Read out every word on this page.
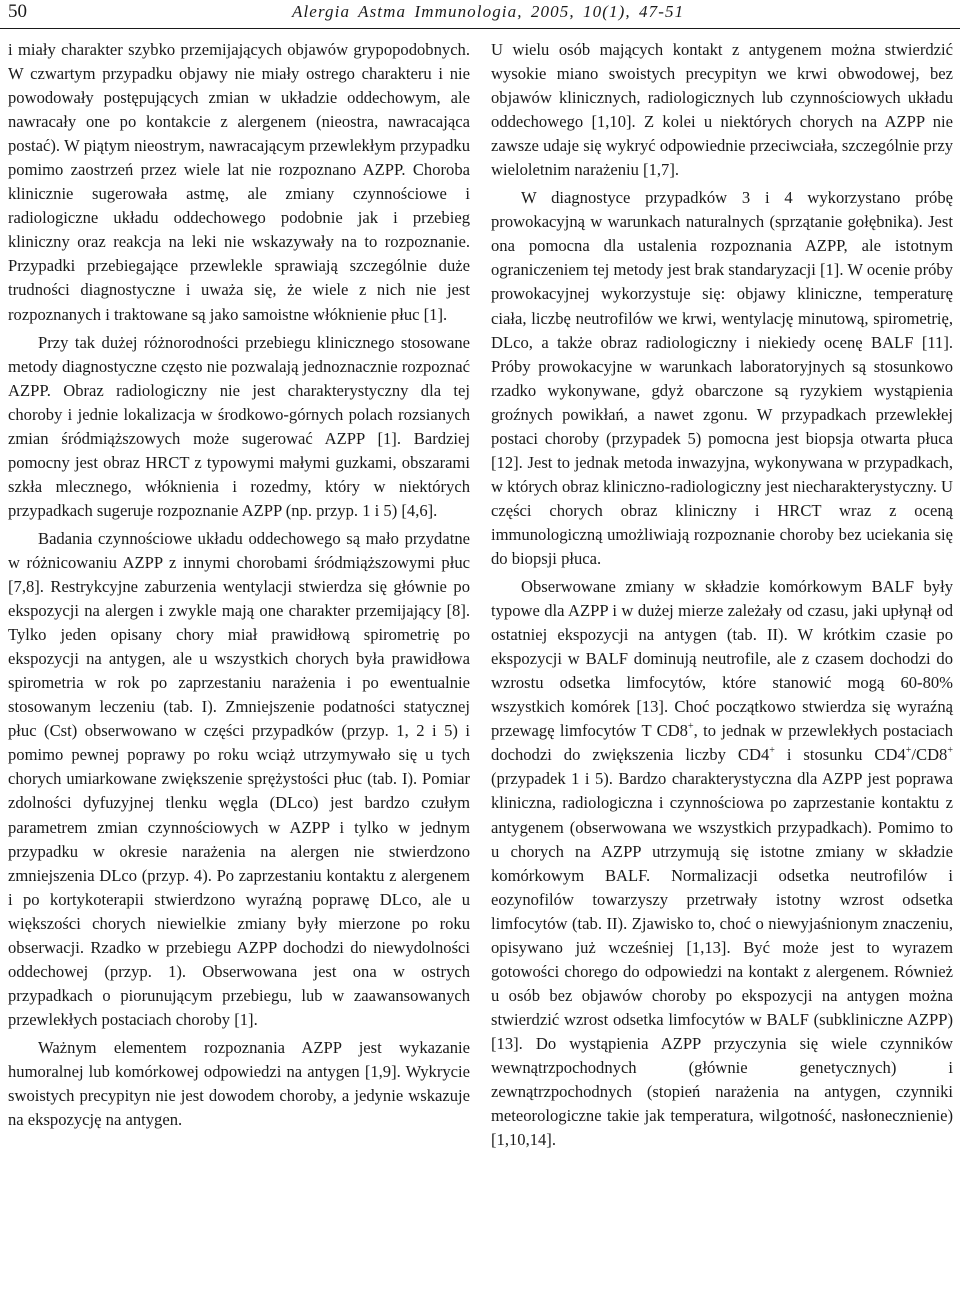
50	Alergia Astma Immunologia, 2005, 10(1), 47-51

i miały charakter szybko przemijających objawów grypopodobnych. W czwartym przypadku objawy nie miały ostrego charakteru i nie powodowały postępujących zmian w układzie oddechowym, ale nawracały one po kontakcie z alergenem (nieostra, nawracająca postać). W piątym nieostrym, nawracającym przewlekłym przypadku pomimo zaostrzeń przez wiele lat nie rozpoznano AZPP. Choroba klinicznie sugerowała astmę, ale zmiany czynnościowe i radiologiczne układu oddechowego podobnie jak i przebieg kliniczny oraz reakcja na leki nie wskazywały na to rozpoznanie. Przypadki przebiegające przewlekle sprawiają szczególnie duże trudności diagnostyczne i uważa się, że wiele z nich nie jest rozpoznanych i traktowane są jako samoistne włóknienie płuc [1].

Przy tak dużej różnorodności przebiegu klinicznego stosowane metody diagnostyczne często nie pozwalają jednoznacznie rozpoznać AZPP. Obraz radiologiczny nie jest charakterystyczny dla tej choroby i jednie lokalizacja w środkowo-górnych polach rozsianych zmian śródmiąższowych może sugerować AZPP [1]. Bardziej pomocny jest obraz HRCT z typowymi małymi guzkami, obszarami szkła mlecznego, włóknienia i rozedmy, który w niektórych przypadkach sugeruje rozpoznanie AZPP (np. przyp. 1 i 5) [4,6].

Badania czynnościowe układu oddechowego są mało przydatne w różnicowaniu AZPP z innymi chorobami śródmiąższowymi płuc [7,8]. Restrykcyjne zaburzenia wentylacji stwierdza się głównie po ekspozycji na alergen i zwykle mają one charakter przemijający [8]. Tylko jeden opisany chory miał prawidłową spirometrię po ekspozycji na antygen, ale u wszystkich chorych była prawidłowa spirometria w rok po zaprzestaniu narażenia i po ewentualnie stosowanym leczeniu (tab. I). Zmniejszenie podatności statycznej płuc (Cst) obserwowano w części przypadków (przyp. 1, 2 i 5) i pomimo pewnej poprawy po roku wciąż utrzymywało się u tych chorych umiarkowane zwiększenie sprężystości płuc (tab. I). Pomiar zdolności dyfuzyjnej tlenku węgla (DLco) jest bardzo czułym parametrem zmian czynnościowych w AZPP i tylko w jednym przypadku w okresie narażenia na alergen nie stwierdzono zmniejszenia DLco (przyp. 4). Po zaprzestaniu kontaktu z alergenem i po kortykoterapii stwierdzono wyraźną poprawę DLco, ale u większości chorych niewielkie zmiany były mierzone po roku obserwacji. Rzadko w przebiegu AZPP dochodzi do niewydolności oddechowej (przyp. 1). Obserwowana jest ona w ostrych przypadkach o piorunującym przebiegu, lub w zaawansowanych przewlekłych postaciach choroby [1].

Ważnym elementem rozpoznania AZPP jest wykazanie humoralnej lub komórkowej odpowiedzi na antygen [1,9]. Wykrycie swoistych precypityn nie jest dowodem choroby, a jedynie wskazuje na ekspozycję na antygen.

U wielu osób mających kontakt z antygenem można stwierdzić wysokie miano swoistych precypityn we krwi obwodowej, bez objawów klinicznych, radiologicznych lub czynnościowych układu oddechowego [1,10]. Z kolei u niektórych chorych na AZPP nie zawsze udaje się wykryć odpowiednie przeciwciała, szczególnie przy wieloletnim narażeniu [1,7].

W diagnostyce przypadków 3 i 4 wykorzystano próbę prowokacyjną w warunkach naturalnych (sprzątanie gołębnika). Jest ona pomocna dla ustalenia rozpoznania AZPP, ale istotnym ograniczeniem tej metody jest brak standaryzacji [1]. W ocenie próby prowokacyjnej wykorzystuje się: objawy kliniczne, temperaturę ciała, liczbę neutrofilów we krwi, wentylację minutową, spirometrię, DLco, a także obraz radiologiczny i niekiedy ocenę BALF [11]. Próby prowokacyjne w warunkach laboratoryjnych są stosunkowo rzadko wykonywane, gdyż obarczone są ryzykiem wystąpienia groźnych powikłań, a nawet zgonu. W przypadkach przewlekłej postaci choroby (przypadek 5) pomocna jest biopsja otwarta płuca [12]. Jest to jednak metoda inwazyjna, wykonywana w przypadkach, w których obraz kliniczno-radiologiczny jest niecharakterystyczny. U części chorych obraz kliniczny i HRCT wraz z oceną immunologiczną umożliwiają rozpoznanie choroby bez uciekania się do biopsji płuca.

Obserwowane zmiany w składzie komórkowym BALF były typowe dla AZPP i w dużej mierze zależały od czasu, jaki upłynął od ostatniej ekspozycji na antygen (tab. II). W krótkim czasie po ekspozycji w BALF dominują neutrofile, ale z czasem dochodzi do wzrostu odsetka limfocytów, które stanowić mogą 60-80% wszystkich komórek [13]. Choć początkowo stwierdza się wyraźną przewagę limfocytów T CD8+, to jednak w przewlekłych postaciach dochodzi do zwiększenia liczby CD4+ i stosunku CD4+/CD8+ (przypadek 1 i 5). Bardzo charakterystyczna dla AZPP jest poprawa kliniczna, radiologiczna i czynnościowa po zaprzestanie kontaktu z antygenem (obserwowana we wszystkich przypadkach). Pomimo to u chorych na AZPP utrzymują się istotne zmiany w składzie komórkowym BALF. Normalizacji odsetka neutrofilów i eozynofilów towarzyszy przetrwały istotny wzrost odsetka limfocytów (tab. II). Zjawisko to, choć o niewyjaśnionym znaczeniu, opisywano już wcześniej [1,13]. Być może jest to wyrazem gotowości chorego do odpowiedzi na kontakt z alergenem. Również u osób bez objawów choroby po ekspozycji na antygen można stwierdzić wzrost odsetka limfocytów w BALF (subkliniczne AZPP) [13]. Do wystąpienia AZPP przyczynia się wiele czynników wewnątrzpochodnych (głównie genetycznych) i zewnątrzpochodnych (stopień narażenia na antygen, czynniki meteorologiczne takie jak temperatura, wilgotność, nasłonecznienie) [1,10,14].
